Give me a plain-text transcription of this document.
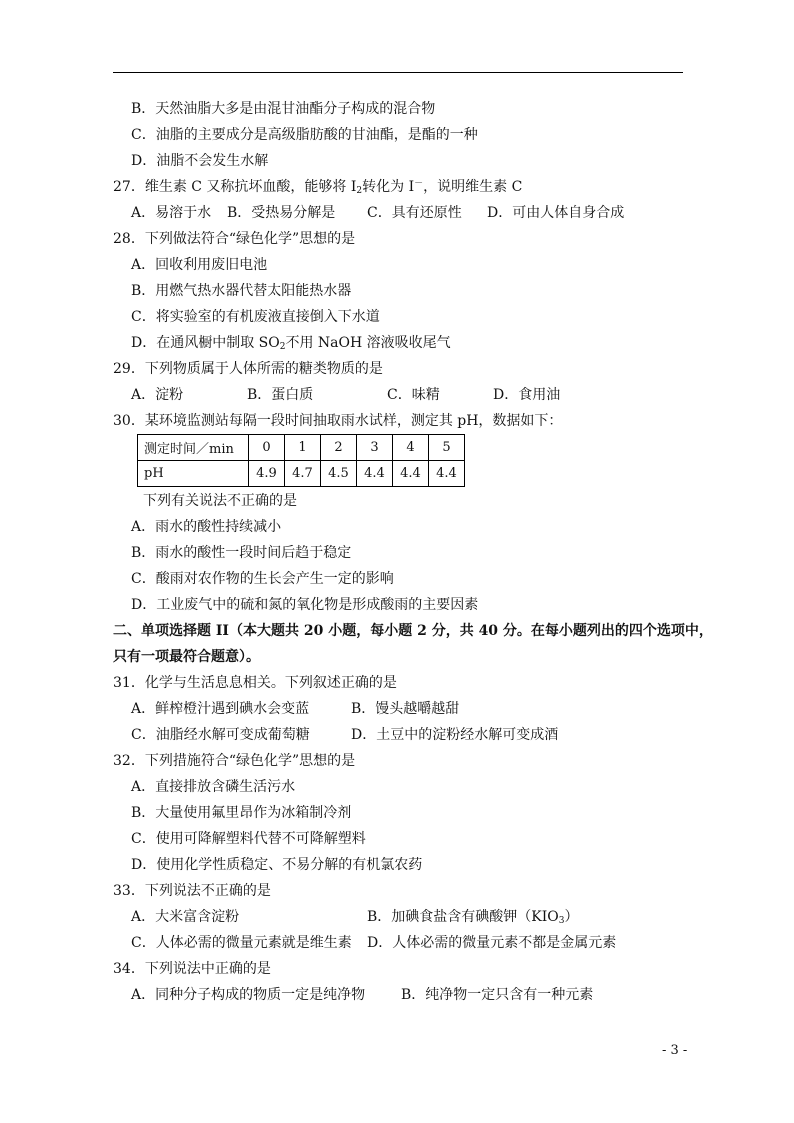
B．天然油脂大多是由混甘油酯分子构成的混合物
C．油脂的主要成分是高级脂肪酸的甘油酯，是酯的一种
D．油脂不会发生水解
27．维生素 C 又称抗坏血酸，能够将 $I_2$转化为 I－，说明维生素 C
A．易溶于水 B．受热易分解是 C．具有还原性 D．可由人体自身合成
28．下列做法符合“绿色化学”思想的是
A．回收利用废旧电池
B．用燃气热水器代替太阳能热水器
C．将实验室的有机废液直接倒入下水道
D．在通风橱中制取 $SO_2$不用 NaOH 溶液吸收尾气
29．下列物质属于人体所需的糖类物质的是
A．淀粉	B．蛋白质	C．味精	D．食用油
30．某环境监测站每隔一段时间抽取雨水试样，测定其 pH，数据如下：
测定时间／min	0	1	2	3	4	5
pH	4.9	4.7	4.5	4.4	4.4	4.4
下列有关说法不正确的是
A．雨水的酸性持续减小
B．雨水的酸性一段时间后趋于稳定
C．酸雨对农作物的生长会产生一定的影响
D．工业废气中的硫和氮的氧化物是形成酸雨的主要因素
二、单项选择题 II（本大题共 20 小题，每小题 2 分，共 40 分。在每小题列出的四个选项中，
只有一项最符合题意）。
31．化学与生活息息相关。下列叙述正确的是
A．鲜榨橙汁遇到碘水会变蓝	B．馒头越嚼越甜
C．油脂经水解可变成葡萄糖	D．土豆中的淀粉经水解可变成酒
32．下列措施符合“绿色化学”思想的是
A．直接排放含磷生活污水
B．大量使用氟里昂作为冰箱制冷剂
C．使用可降解塑料代替不可降解塑料
D．使用化学性质稳定、不易分解的有机氯农药
33．下列说法不正确的是
A．大米富含淀粉	B．加碘食盐含有碘酸钾$(KIO_3)$
C．人体必需的微量元素就是维生素 D．人体必需的微量元素不都是金属元素
34．下列说法中正确的是
A．同种分子构成的物质一定是纯净物	B．纯净物一定只含有一种元素
- 3 -
